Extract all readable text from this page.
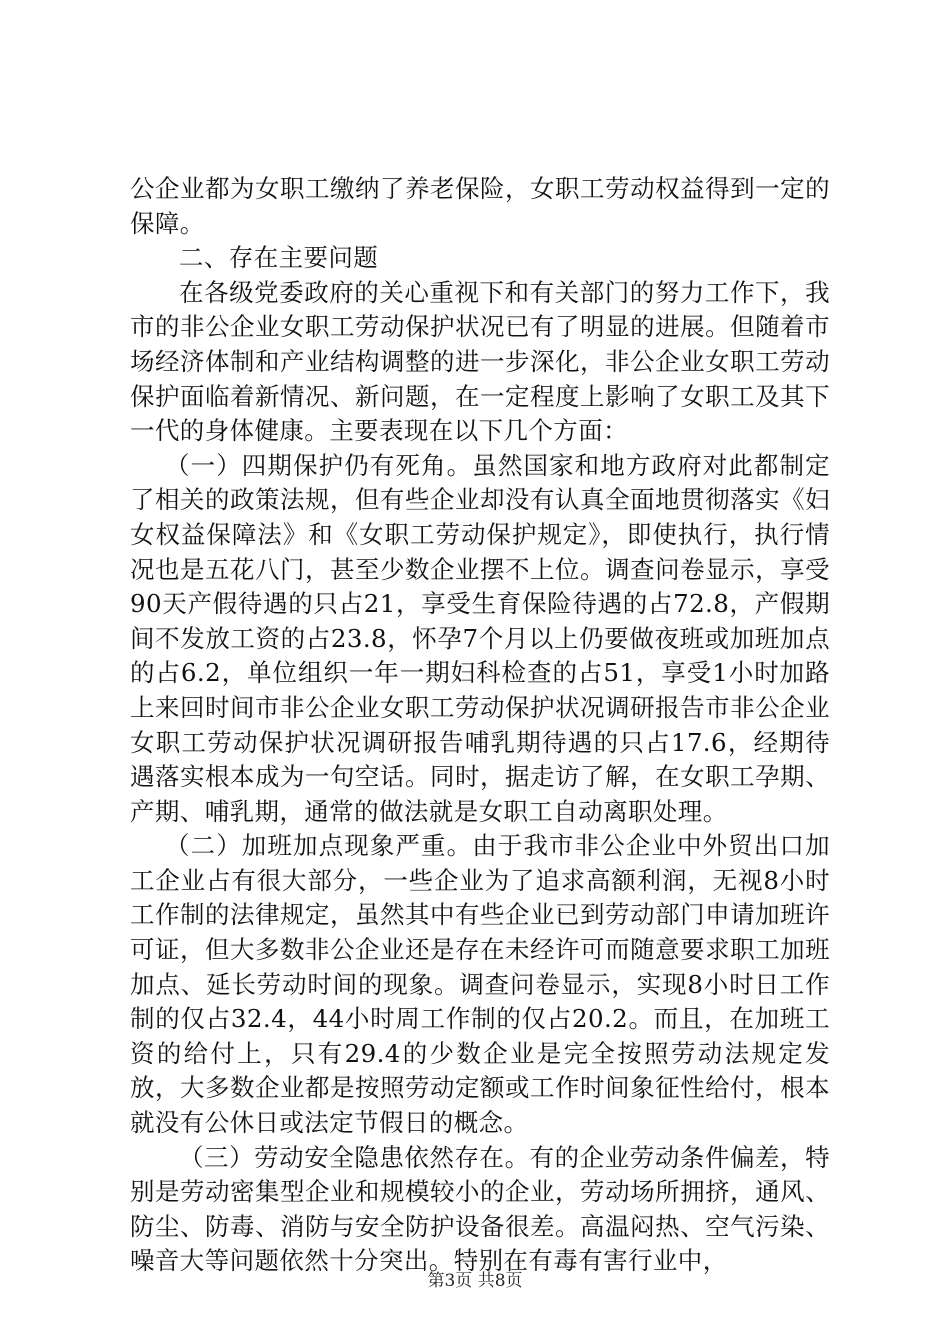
公企业都为女职工缴纳了养老保险，女职工劳动权益得到一定的保障。

二、存在主要问题

在各级党委政府的关心重视下和有关部门的努力工作下，我市的非公企业女职工劳动保护状况已有了明显的进展。但随着市场经济体制和产业结构调整的进一步深化，非公企业女职工劳动保护面临着新情况、新问题，在一定程度上影响了女职工及其下一代的身体健康。主要表现在以下几个方面：

（一）四期保护仍有死角。虽然国家和地方政府对此都制定了相关的政策法规，但有些企业却没有认真全面地贯彻落实《妇女权益保障法》和《女职工劳动保护规定》，即使执行，执行情况也是五花八门，甚至少数企业摆不上位。调查问卷显示，享受90天产假待遇的只占21，享受生育保险待遇的占72.8，产假期间不发放工资的占23.8，怀孕7个月以上仍要做夜班或加班加点的占6.2，单位组织一年一期妇科检查的占51，享受1小时加路上来回时间市非公企业女职工劳动保护状况调研报告市非公企业女职工劳动保护状况调研报告哺乳期待遇的只占17.6，经期待遇落实根本成为一句空话。同时，据走访了解，在女职工孕期、产期、哺乳期，通常的做法就是女职工自动离职处理。

（二）加班加点现象严重。由于我市非公企业中外贸出口加工企业占有很大部分，一些企业为了追求高额利润，无视8小时工作制的法律规定，虽然其中有些企业已到劳动部门申请加班许可证，但大多数非公企业还是存在未经许可而随意要求职工加班加点、延长劳动时间的现象。调查问卷显示，实现8小时日工作制的仅占32.4，44小时周工作制的仅占20.2。而且，在加班工资的给付上，只有29.4的少数企业是完全按照劳动法规定发放，大多数企业都是按照劳动定额或工作时间象征性给付，根本就没有公休日或法定节假日的概念。

（三）劳动安全隐患依然存在。有的企业劳动条件偏差，特别是劳动密集型企业和规模较小的企业，劳动场所拥挤，通风、防尘、防毒、消防与安全防护设备很差。高温闷热、空气污染、噪音大等问题依然十分突出。特别在有毒有害行业中，

第3页 共8页
